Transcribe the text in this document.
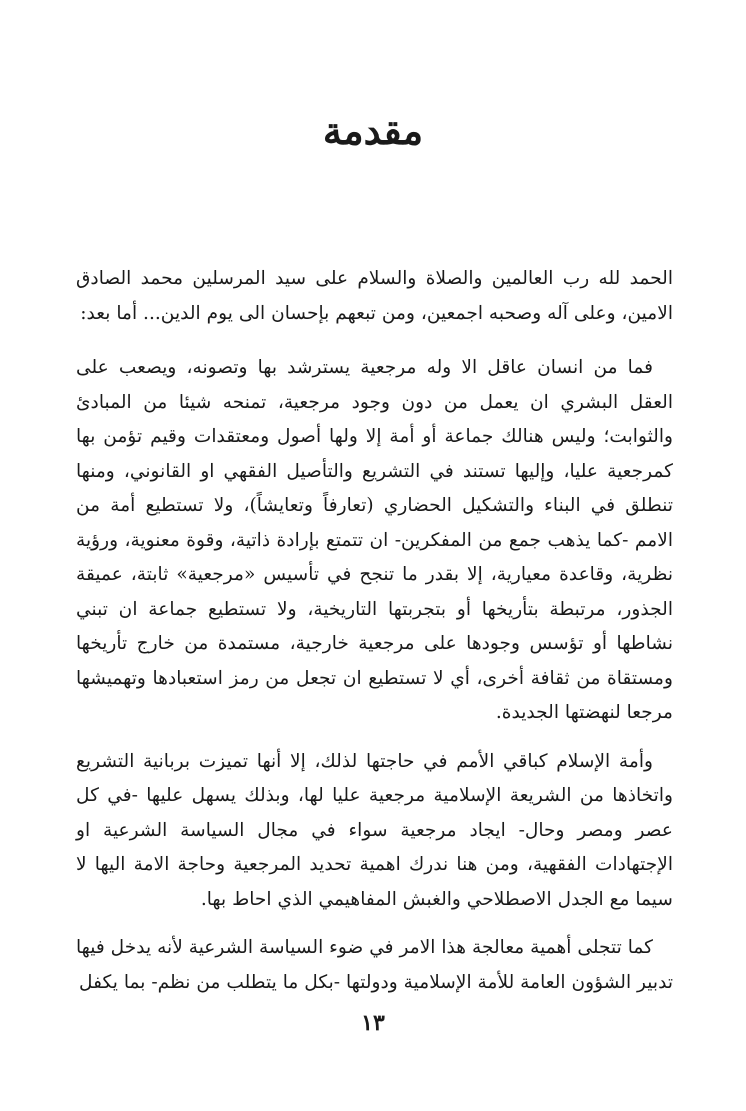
مقدمة

الحمد لله رب العالمين والصلاة والسلام على سيد المرسلين محمد الصادق الامين، وعلى آله وصحبه اجمعين، ومن تبعهم بإحسان الى يوم الدين... أما بعد:

فما من انسان عاقل الا وله مرجعية يسترشد بها وتصونه، ويصعب على العقل البشري ان يعمل من دون وجود مرجعية، تمنحه شيئا من المبادئ والثوابت؛ وليس هنالك جماعة أو أمة إلا ولها أصول ومعتقدات وقيم تؤمن بها كمرجعية عليا، وإليها تستند في التشريع والتأصيل الفقهي او القانوني، ومنها تنطلق في البناء والتشكيل الحضاري (تعارفاً وتعايشاً)، ولا تستطيع أمة من الامم -كما يذهب جمع من المفكرين- ان تتمتع بإرادة ذاتية، وقوة معنوية، ورؤية نظرية، وقاعدة معيارية، إلا بقدر ما تنجح في تأسيس «مرجعية» ثابتة، عميقة الجذور، مرتبطة بتأريخها أو بتجربتها التاريخية، ولا تستطيع جماعة ان تبني نشاطها أو تؤسس وجودها على مرجعية خارجية، مستمدة من خارج تأريخها ومستقاة من ثقافة أخرى، أي لا تستطيع ان تجعل من رمز استعبادها وتهميشها مرجعا لنهضتها الجديدة.

وأمة الإسلام كباقي الأمم في حاجتها لذلك، إلا أنها تميزت بربانية التشريع واتخاذها من الشريعة الإسلامية مرجعية عليا لها، وبذلك يسهل عليها -في كل عصر ومصر وحال- ايجاد مرجعية سواء في مجال السياسة الشرعية او الإجتهادات الفقهية، ومن هنا ندرك اهمية تحديد المرجعية وحاجة الامة اليها لا سيما مع الجدل الاصطلاحي والغبش المفاهيمي الذي احاط بها.

كما تتجلى أهمية معالجة هذا الامر في ضوء السياسة الشرعية لأنه يدخل فيها تدبير الشؤون العامة للأمة الإسلامية ودولتها -بكل ما يتطلب من نظم- بما يكفل

١٣
